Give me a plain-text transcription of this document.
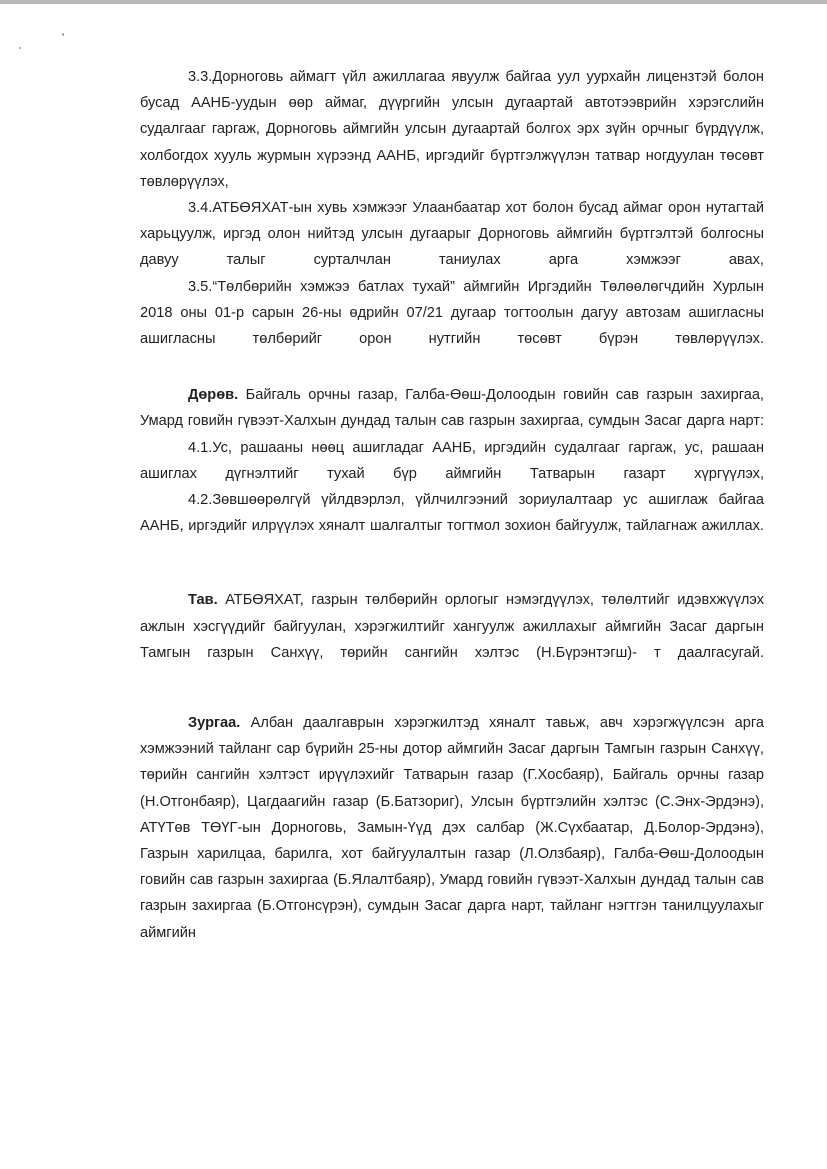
3.3.Дорноговь аймагт үйл ажиллагаа явуулж байгаа уул уурхайн лицензтэй болон бусад ААНБ-уудын өөр аймаг, дүүргийн улсын дугаартай автотээврийн хэрэгслийн судалгааг гаргаж, Дорноговь аймгийн улсын дугаартай болгох эрх зүйн орчныг бүрдүүлж, холбогдох хууль журмын хүрээнд ААНБ, иргэдийг бүртгэлжүүлэн татвар ногдуулан төсөвт төвлөрүүлэх,

3.4.АТБӨЯХАТ-ын хувь хэмжээг Улаанбаатар хот болон бусад аймаг орон нутагтай харьцуулж, иргэд олон нийтэд улсын дугаарыг Дорноговь аймгийн бүртгэлтэй болгосны давуу талыг сурталчлан таниулах арга хэмжээг авах,

3.5.“Төлбөрийн хэмжээ батлах тухай” аймгийн Иргэдийн Төлөөлөгчдийн Хурлын 2018 оны 01-р сарын 26-ны өдрийн 07/21 дугаар тогтоолын дагуу автозам ашигласны ашигласны төлбөрийг орон нутгийн төсөвт бүрэн төвлөрүүлэх.

Дөрөв. Байгаль орчны газар, Галба-Өөш-Долоодын говийн сав газрын захиргаа, Умард говийн гүвээт-Халхын дундад талын сав газрын захиргаа, сумдын Засаг дарга нарт:

4.1.Ус, рашааны нөөц ашигладаг ААНБ, иргэдийн судалгааг гаргаж, ус, рашаан ашиглах дүгнэлтийг тухай бүр аймгийн Татварын газарт хүргүүлэх,

4.2.Зөвшөөрөлгүй үйлдвэрлэл, үйлчилгээний зориулалтаар ус ашиглаж байгаа ААНБ, иргэдийг илрүүлэх хяналт шалгалтыг тогтмол зохион байгуулж, тайлагнаж ажиллах.

Тав. АТБӨЯХАТ, газрын төлбөрийн орлогыг нэмэгдүүлэх, төлөлтийг идэвхжүүлэх ажлын хэсгүүдийг байгуулан, хэрэгжилтийг хангуулж ажиллахыг аймгийн Засаг даргын Тамгын газрын Санхүү, төрийн сангийн хэлтэс (Н.Бүрэнтэгш)- т даалгасугай.

Зургаа. Албан даалгаврын хэрэгжилтэд хяналт тавьж, авч хэрэгжүүлсэн арга хэмжээний тайланг сар бүрийн 25-ны дотор аймгийн Засаг даргын Тамгын газрын Санхүү, төрийн сангийн хэлтэст ирүүлэхийг Татварын газар (Г.Хосбаяр), Байгаль орчны газар (Н.Отгонбаяр), Цагдаагийн газар (Б.Батзориг), Улсын бүртгэлийн хэлтэс (С.Энх-Эрдэнэ), АТҮТөв ТӨҮГ-ын Дорноговь, Замын-Үүд дэх салбар (Ж.Сүхбаатар, Д.Болор-Эрдэнэ), Газрын харилцаа, барилга, хот байгуулалтын газар (Л.Олзбаяр), Галба-Өөш-Долоодын говийн сав газрын захиргаа (Б.Ялалтбаяр), Умард говийн гүвээт-Халхын дундад талын сав газрын захиргаа (Б.Отгонсүрэн), сумдын Засаг дарга нарт, тайланг нэгтгэн танилцуулахыг аймгийн
